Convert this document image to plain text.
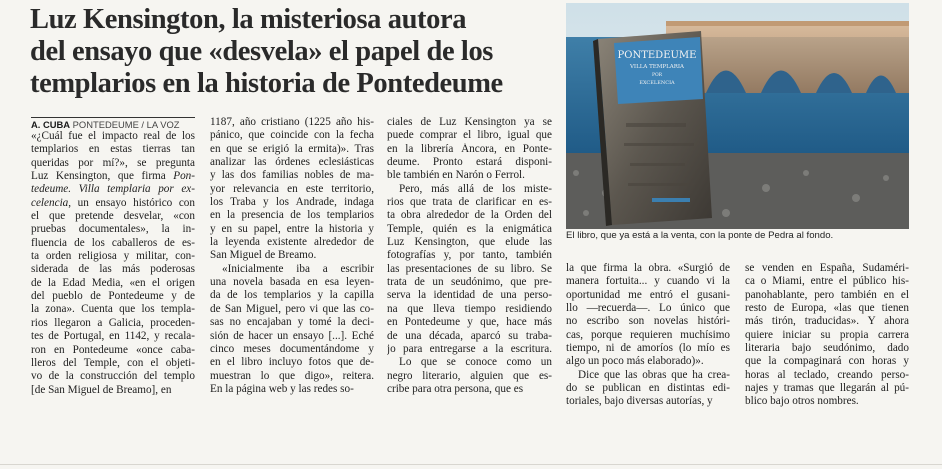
Luz Kensington, la misteriosa autora
del ensayo que «desvela» el papel de los
templarios en la historia de Pontedeume
PONTEDEUME
VILLA TEMPLARIA
POR
EXCELENCIA
El libro, que ya está a la venta, con la ponte de Pedra al fondo.
A. CUBA PONTEDEUME / LA VOZ
«¿Cuál fue el impacto real de los
templarios en estas tierras tan
queridas por mí?», se pregunta
Luz Kensington, que firma Pon-
tedeume. Villa templaria por ex-
celencia, un ensayo histórico con
el que pretende desvelar, «con
pruebas documentales», la in-
fluencia de los caballeros de es-
ta orden religiosa y militar, con-
siderada de las más poderosas
de la Edad Media, «en el origen
del pueblo de Pontedeume y de
la zona». Cuenta que los templa-
rios llegaron a Galicia, proceden-
tes de Portugal, en 1142, y recala-
ron en Pontedeume «once caba-
lleros del Temple, con el objeti-
vo de la construcción del templo
[de San Miguel de Breamo], en
1187, año cristiano (1225 año his-
pánico, que coincide con la fecha
en que se erigió la ermita)». Tras
analizar las órdenes eclesiásticas
y las dos familias nobles de ma-
yor relevancia en este territorio,
los Traba y los Andrade, indaga
en la presencia de los templarios
y en su papel, entre la historia y
la leyenda existente alrededor de
San Miguel de Breamo.
«Inicialmente iba a escribir
una novela basada en esa leyen-
da de los templarios y la capilla
de San Miguel, pero vi que las co-
sas no encajaban y tomé la deci-
sión de hacer un ensayo [...]. Eché
cinco meses documentándome y
en el libro incluyo fotos que de-
muestran lo que digo», reitera.
En la página web y las redes so-
ciales de Luz Kensington ya se
puede comprar el libro, igual que
en la librería Áncora, en Ponte-
deume. Pronto estará disponi-
ble también en Narón o Ferrol.
Pero, más allá de los miste-
rios que trata de clarificar en es-
ta obra alrededor de la Orden del
Temple, quién es la enigmática
Luz Kensington, que elude las
fotografías y, por tanto, también
las presentaciones de su libro. Se
trata de un seudónimo, que pre-
serva la identidad de una perso-
na que lleva tiempo residiendo
en Pontedeume y que, hace más
de una década, aparcó su traba-
jo para entregarse a la escritura.
Lo que se conoce como un
negro literario, alguien que es-
cribe para otra persona, que es
la que firma la obra. «Surgió de
manera fortuita... y cuando vi la
oportunidad me entró el gusani-
llo —recuerda—. Lo único que
no escribo son novelas históri-
cas, porque requieren muchísimo
tiempo, ni de amoríos (lo mío es
algo un poco más elaborado)».
Dice que las obras que ha crea-
do se publican en distintas edi-
toriales, bajo diversas autorías, y
se venden en España, Sudaméri-
ca o Miami, entre el público his-
panohablante, pero también en el
resto de Europa, «las que tienen
más tirón, traducidas». Y ahora
quiere iniciar su propia carrera
literaria bajo seudónimo, dado
que la compaginará con horas y
horas al teclado, creando perso-
najes y tramas que llegarán al pú-
blico bajo otros nombres.
